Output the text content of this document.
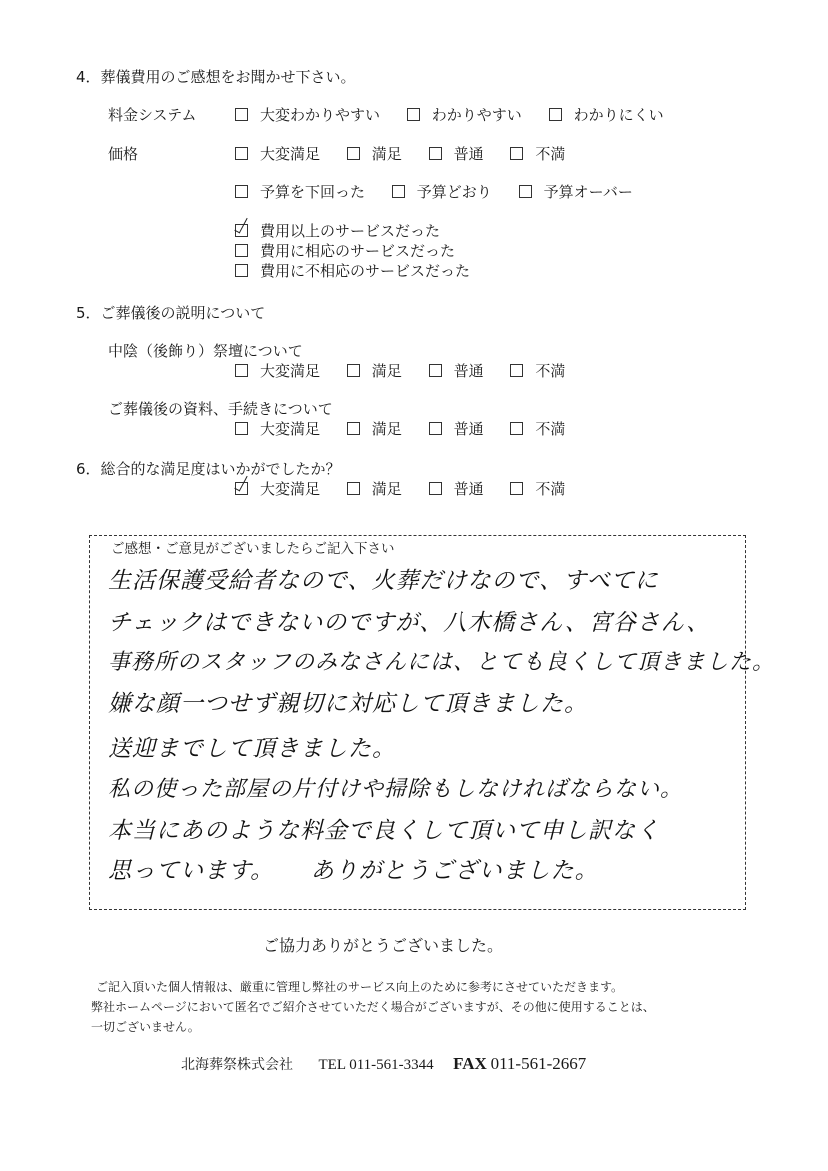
4．葬儀費用のご感想をお聞かせ下さい。
料金システム	大変わかりやすい	わかりやすい	わかりにくい
価格	大変満足	満足	普通	不満
予算を下回った	予算どおり	予算オーバー
費用以上のサービスだった
費用に相応のサービスだった
費用に不相応のサービスだった
5．ご葬儀後の説明について
中陰（後飾り）祭壇について
大変満足	満足	普通	不満
ご葬儀後の資料、手続きについて
大変満足	満足	普通	不満
6．総合的な満足度はいかがでしたか？
大変満足	満足	普通	不満
ご感想・ご意見がございましたらご記入下さい
生活保護受給者なので、火葬だけなので、すべてに
チェックはできないのですが、八木橋さん、宮谷さん、
事務所のスタッフのみなさんには、とても良くして頂きました。
嫌な顔一つせず親切に対応して頂きました。
送迎までして頂きました。
私の使った部屋の片付けや掃除もしなければならない。
本当にあのような料金で良くして頂いて申し訳なく
思っています。　　ありがとうございました。
ご協力ありがとうございました。
ご記入頂いた個人情報は、厳重に管理し弊社のサービス向上のために参考にさせていただきます。
弊社ホームページにおいて匿名でご紹介させていただく場合がございますが、その他に使用することは、
一切ございません。
北海葬祭株式会社 TEL 011-561-3344 FAX 011-561-2667
